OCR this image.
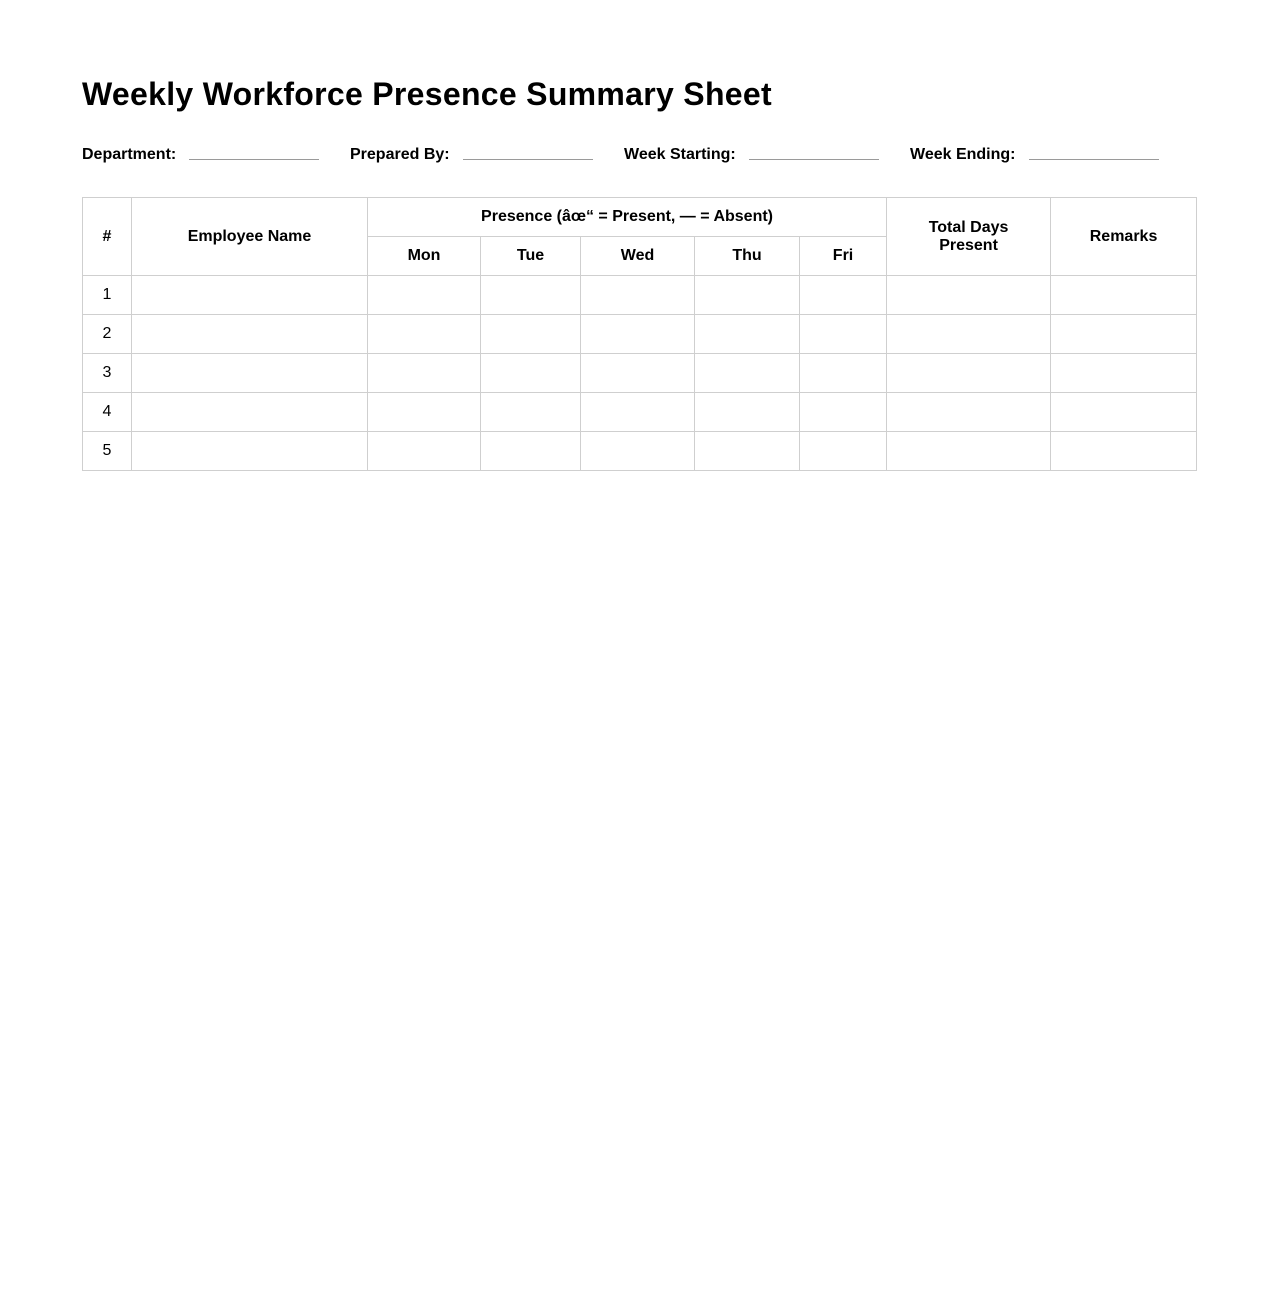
Weekly Workforce Presence Summary Sheet
Department:	Prepared By:	Week Starting:	Week Ending:
#	Employee Name	Presence (âœ“ = Present, — = Absent)					Total Days Present	Remarks
		Mon	Tue	Wed	Thu	Fri		
1								
2								
3								
4								
5								
